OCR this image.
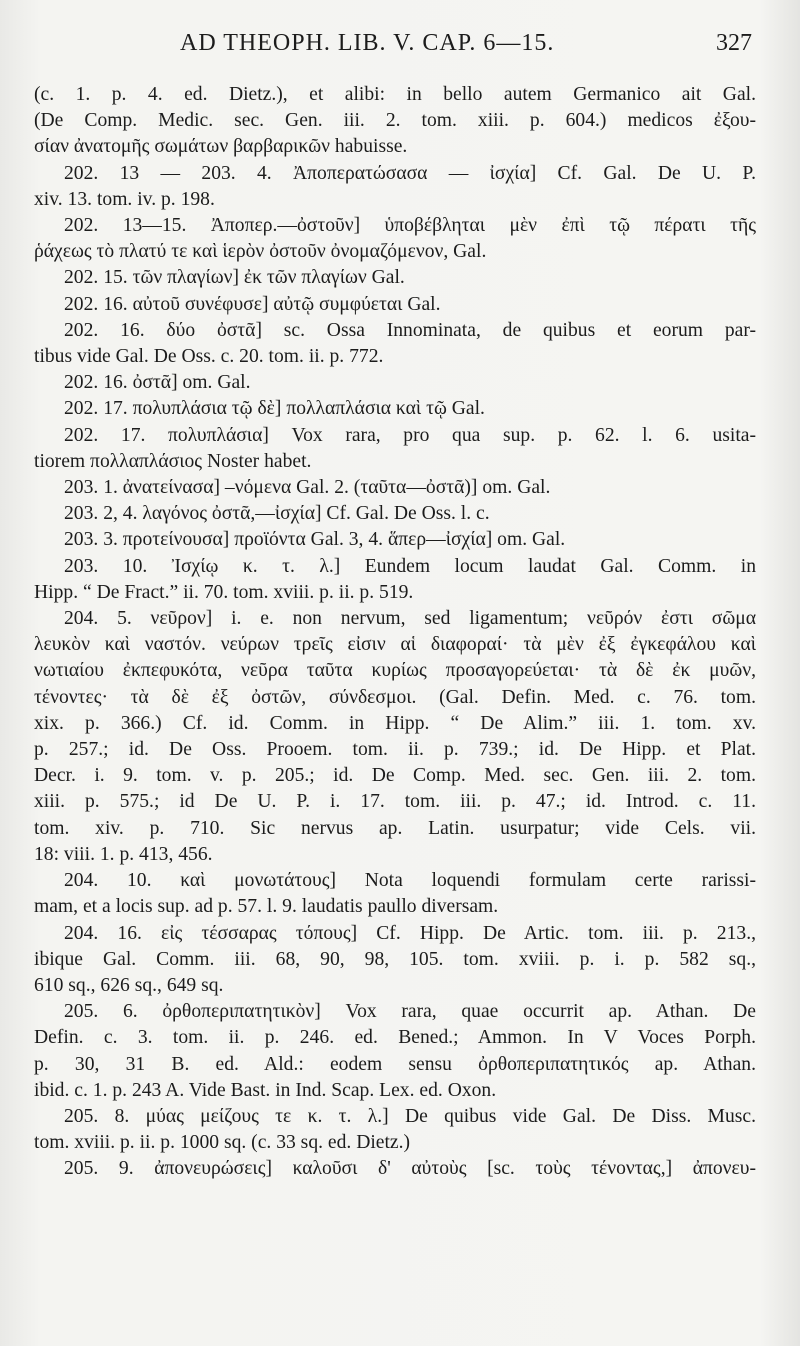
AD THEOPH. LIB. V. CAP. 6—15.	327
(c. 1. p. 4. ed. Dietz.), et alibi: in bello autem Germanico ait Gal.
(De Comp. Medic. sec. Gen. iii. 2. tom. xiii. p. 604.) medicos ἐξου-
σίαν ἀνατομῆς σωμάτων βαρβαρικῶν habuisse.
202. 13 — 203. 4. Ἀποπερατώσασα — ἰσχία] Cf. Gal. De U. P.
xiv. 13. tom. iv. p. 198.
202. 13—15. Ἀποπερ.—ὀστοῦν] ὑποβέβληται μὲν ἐπὶ τῷ πέρατι τῆς
ῥάχεως τὸ πλατύ τε καὶ ἱερὸν ὀστοῦν ὀνομαζόμενον, Gal.
202. 15. τῶν πλαγίων] ἐκ τῶν πλαγίων Gal.
202. 16. αὐτοῦ συνέφυσε] αὐτῷ συμφύεται Gal.
202. 16. δύο ὀστᾶ] sc. Ossa Innominata, de quibus et eorum par-
tibus vide Gal. De Oss. c. 20. tom. ii. p. 772.
202. 16. ὀστᾶ] om. Gal.
202. 17. πολυπλάσια τῷ δὲ] πολλαπλάσια καὶ τῷ Gal.
202. 17. πολυπλάσια] Vox rara, pro qua sup. p. 62. l. 6. usita-
tiorem πολλαπλάσιος Noster habet.
203. 1. ἀνατείνασα] –νόμενα Gal. 2. (ταῦτα—ὀστᾶ)] om. Gal.
203. 2, 4. λαγόνος ὀστᾶ,—ἰσχία] Cf. Gal. De Oss. l. c.
203. 3. προτείνουσα] προϊόντα Gal. 3, 4. ἅπερ—ἰσχία] om. Gal.
203. 10. Ἰσχίῳ κ. τ. λ.] Eundem locum laudat Gal. Comm. in
Hipp. “ De Fract.” ii. 70. tom. xviii. p. ii. p. 519.
204. 5. νεῦρον] i. e. non nervum, sed ligamentum; νεῦρόν ἐστι σῶμα
λευκὸν καὶ ναστόν. νεύρων τρεῖς εἰσιν αἱ διαφοραί· τὰ μὲν ἐξ ἐγκεφάλου καὶ
νωτιαίου ἐκπεφυκότα, νεῦρα ταῦτα κυρίως προσαγορεύεται· τὰ δὲ ἐκ μυῶν,
τένοντες· τὰ δὲ ἐξ ὀστῶν, σύνδεσμοι. (Gal. Defin. Med. c. 76. tom.
xix. p. 366.) Cf. id. Comm. in Hipp. “ De Alim.” iii. 1. tom. xv.
p. 257.; id. De Oss. Prooem. tom. ii. p. 739.; id. De Hipp. et Plat.
Decr. i. 9. tom. v. p. 205.; id. De Comp. Med. sec. Gen. iii. 2. tom.
xiii. p. 575.; id De U. P. i. 17. tom. iii. p. 47.; id. Introd. c. 11.
tom. xiv. p. 710. Sic nervus ap. Latin. usurpatur; vide Cels. vii.
18: viii. 1. p. 413, 456.
204. 10. καὶ μονωτάτους] Nota loquendi formulam certe rarissi-
mam, et a locis sup. ad p. 57. l. 9. laudatis paullo diversam.
204. 16. εἰς τέσσαρας τόπους] Cf. Hipp. De Artic. tom. iii. p. 213.,
ibique Gal. Comm. iii. 68, 90, 98, 105. tom. xviii. p. i. p. 582 sq.,
610 sq., 626 sq., 649 sq.
205. 6. ὀρθοπεριπατητικὸν] Vox rara, quae occurrit ap. Athan. De
Defin. c. 3. tom. ii. p. 246. ed. Bened.; Ammon. In V Voces Porph.
p. 30, 31 B. ed. Ald.: eodem sensu ὀρθοπεριπατητικός ap. Athan.
ibid. c. 1. p. 243 A. Vide Bast. in Ind. Scap. Lex. ed. Oxon.
205. 8. μύας μείζους τε κ. τ. λ.] De quibus vide Gal. De Diss. Musc.
tom. xviii. p. ii. p. 1000 sq. (c. 33 sq. ed. Dietz.)
205. 9. ἀπονευρώσεις] καλοῦσι δ' αὐτοὺς [sc. τοὺς τένοντας,] ἀπονευ-
